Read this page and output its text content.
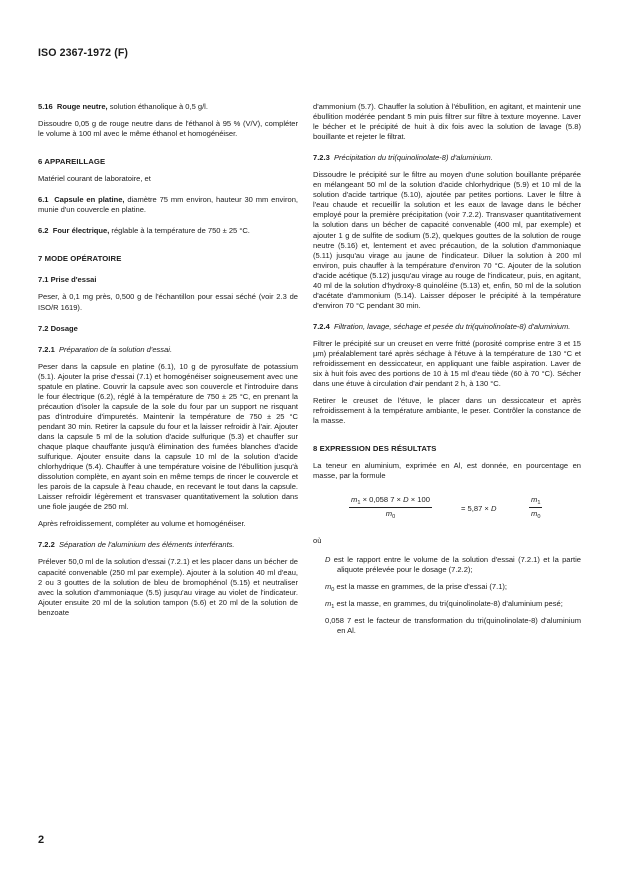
ISO 2367-1972 (F)

5.16 Rouge neutre, solution éthanolique à 0,5 g/l.

Dissoudre 0,05 g de rouge neutre dans de l'éthanol à 95 % (V/V), compléter le volume à 100 ml avec le même éthanol et homogénéiser.

6 APPAREILLAGE

Matériel courant de laboratoire, et

6.1 Capsule en platine, diamètre 75 mm environ, hauteur 30 mm environ, munie d'un couvercle en platine.

6.2 Four électrique, réglable à la température de 750 ± 25 °C.

7 MODE OPÉRATOIRE

7.1 Prise d'essai

Peser, à 0,1 mg près, 0,500 g de l'échantillon pour essai séché (voir 2.3 de ISO/R 1619).

7.2 Dosage

7.2.1 Préparation de la solution d'essai.

Peser dans la capsule en platine (6.1), 10 g de pyrosulfate de potassium (5.1). Ajouter la prise d'essai (7.1) et homogénéiser soigneusement avec une spatule en platine. Couvrir la capsule avec son couvercle et l'introduire dans le four électrique (6.2), réglé à la température de 750 ± 25 °C, en prenant la précaution d'isoler la capsule de la sole du four par un support ne risquant pas d'introduire d'impuretés. Maintenir la température de 750 ± 25 °C pendant 30 min. Retirer la capsule du four et la laisser refroidir à l'air. Ajouter dans la capsule 5 ml de la solution d'acide sulfurique (5.3) et chauffer sur chaque plaque chauffante jusqu'à élimination des fumées blanches d'acide sulfurique. Ajouter ensuite dans la capsule 10 ml de la solution d'acide chlorhydrique (5.4). Chauffer à une température voisine de l'ébullition jusqu'à dissolution complète, en ayant soin en même temps de rincer le couvercle et les parois de la capsule à l'eau chaude, en recevant le tout dans la capsule. Laisser refroidir légèrement et transvaser quantitativement la solution dans une fiole jaugée de 250 ml.

Après refroidissement, compléter au volume et homogénéiser.

7.2.2 Séparation de l'aluminium des éléments interférants.

Prélever 50,0 ml de la solution d'essai (7.2.1) et les placer dans un bécher de capacité convenable (250 ml par exemple). Ajouter à la solution 40 ml d'eau, 2 ou 3 gouttes de la solution de bleu de bromophénol (5.15) et neutraliser avec la solution d'ammoniaque (5.5) jusqu'au virage au violet de l'indicateur. Ajouter ensuite 20 ml de la solution tampon (5.6) et 20 ml de la solution de benzoate

d'ammonium (5.7). Chauffer la solution à l'ébullition, en agitant, et maintenir une ébullition modérée pendant 5 min puis filtrer sur filtre à texture moyenne. Laver le bécher et le précipité de huit à dix fois avec la solution de lavage (5.8) bouillante et rejeter le filtrat.

7.2.3 Précipitation du tri(quinolinolate-8) d'aluminium.

Dissoudre le précipité sur le filtre au moyen d'une solution bouillante préparée en mélangeant 50 ml de la solution d'acide chlorhydrique (5.9) et 10 ml de la solution d'acide tartrique (5.10), ajoutée par petites portions. Laver le filtre à l'eau chaude et recueillir la solution et les eaux de lavage dans le bécher employé pour la première précipitation (voir 7.2.2). Transvaser quantitativement la solution dans un bécher de capacité convenable (400 ml, par exemple) et ajouter 1 g de sulfite de sodium (5.2), quelques gouttes de la solution de rouge neutre (5.16) et, lentement et avec précaution, de la solution d'ammoniaque (5.11) jusqu'au virage au jaune de l'indicateur. Diluer la solution à 200 ml environ, puis chauffer à la température d'environ 70 °C. Ajouter de la solution d'acide acétique (5.12) jusqu'au virage au rouge de l'indicateur, puis, en agitant, 40 ml de la solution d'hydroxy-8 quinoléine (5.13) et, enfin, 50 ml de la solution d'acétate d'ammonium (5.14). Laisser déposer le précipité à la température d'environ 70 °C pendant 30 min.

7.2.4 Filtration, lavage, séchage et pesée du tri(quinolinolate-8) d'aluminium.

Filtrer le précipité sur un creuset en verre fritté (porosité comprise entre 3 et 15 µm) préalablement taré après séchage à l'étuve à la température de 130 °C et refroidissement en dessiccateur, en appliquant une faible aspiration. Laver de six à huit fois avec des portions de 10 à 15 ml d'eau tiède (60 à 70 °C). Sécher dans une étuve à circulation d'air pendant 2 h, à 130 °C.

Retirer le creuset de l'étuve, le placer dans un dessiccateur et après refroidissement à la température ambiante, le peser. Contrôler la constance de la masse.

8 EXPRESSION DES RÉSULTATS

La teneur en aluminium, exprimée en Al, est donnée, en pourcentage en masse, par la formule

$\frac{m_1 \times 0,058 7 \times D \times 100}{m_0}$	= 5,87 × D	$\frac{m_1}{m_0}$

où

D est le rapport entre le volume de la solution d'essai (7.2.1) et la partie aliquote prélevée pour le dosage (7.2.2);

$m_0$ est la masse en grammes, de la prise d'essai (7.1);

$m_1$ est la masse, en grammes, du tri(quinolinolate-8) d'aluminium pesé;

0,058 7 est le facteur de transformation du tri(quinolinolate-8) d'aluminium en Al.

2
